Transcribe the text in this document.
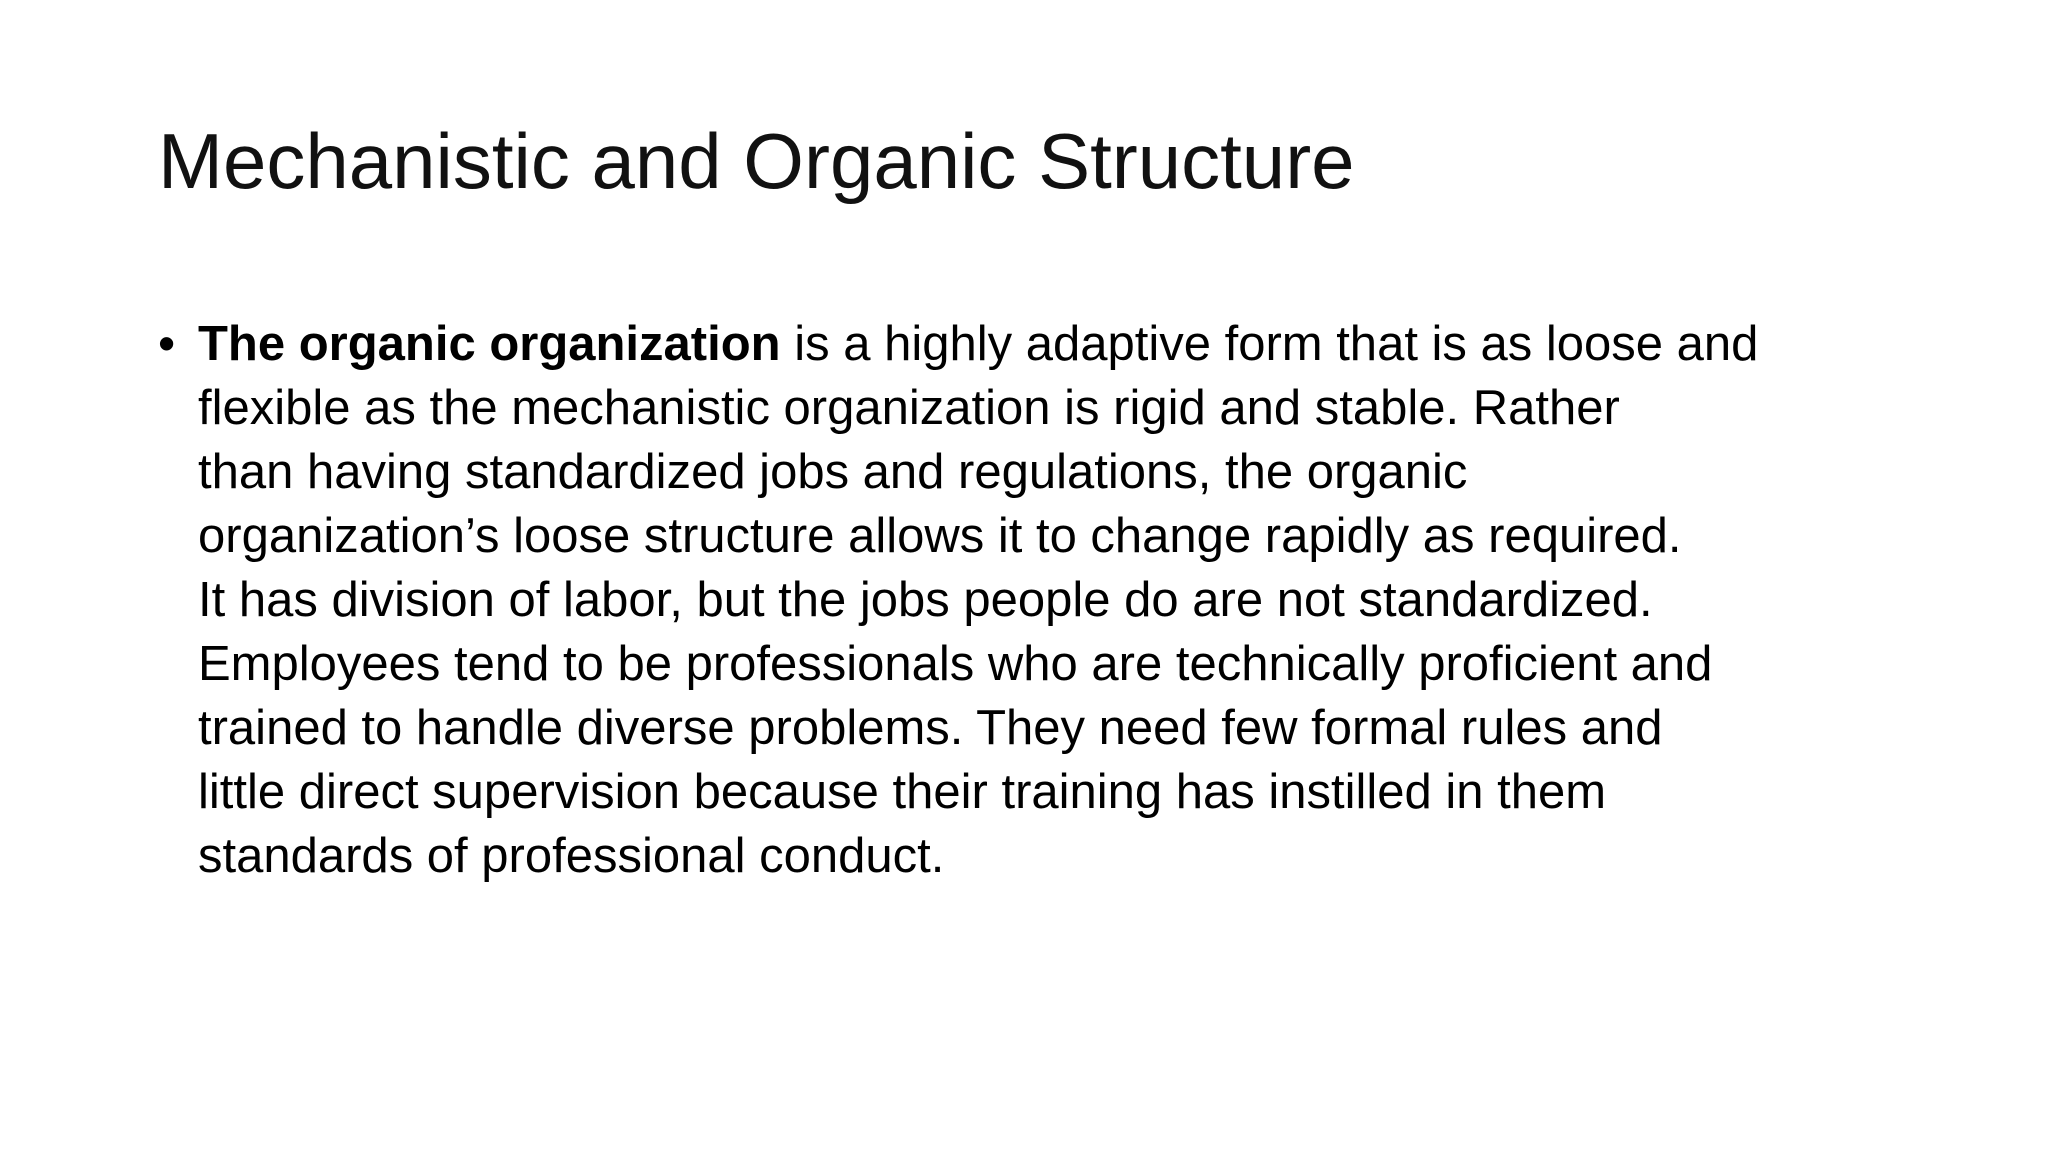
Mechanistic and Organic Structure
• The organic organization is a highly adaptive form that is as loose and
flexible as the mechanistic organization is rigid and stable. Rather
than having standardized jobs and regulations, the organic
organization’s loose structure allows it to change rapidly as required.
It has division of labor, but the jobs people do are not standardized.
Employees tend to be professionals who are technically proficient and
trained to handle diverse problems. They need few formal rules and
little direct supervision because their training has instilled in them
standards of professional conduct.
